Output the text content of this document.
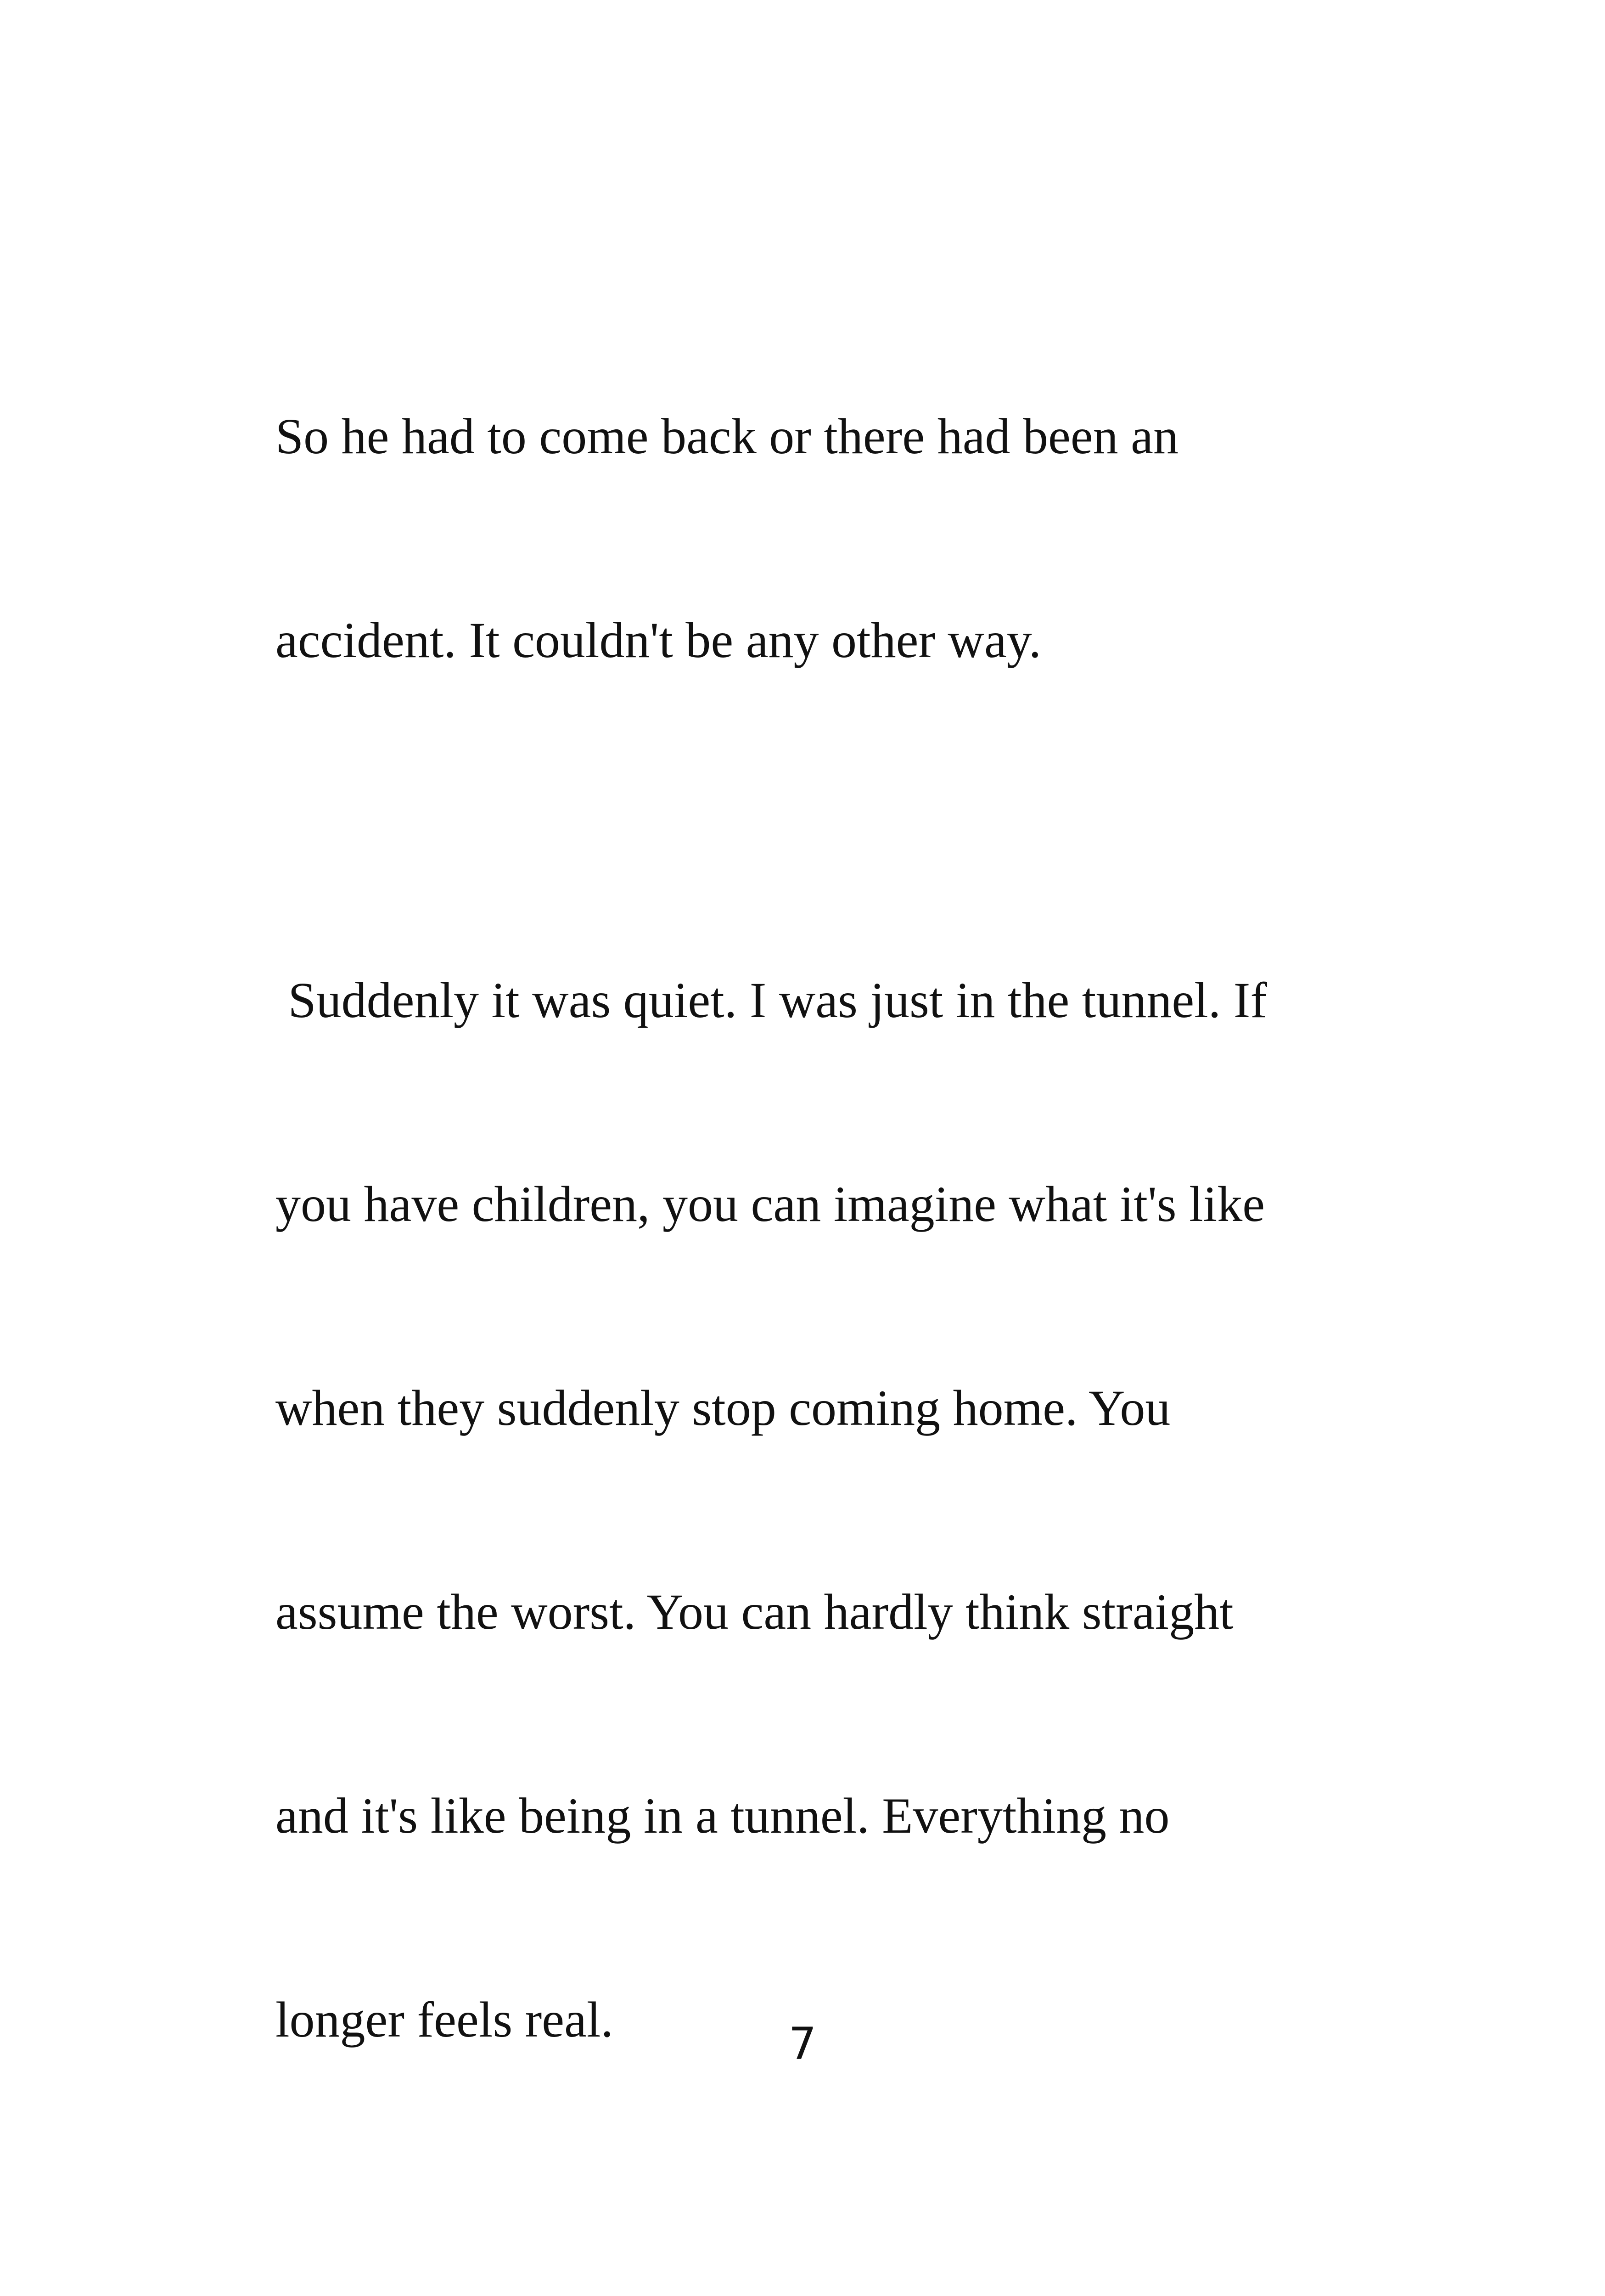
So he had to come back or there had been an

accident. It couldn't be any other way.

Suddenly it was quiet. I was just in the tunnel. If

you have children, you can imagine what it's like

when they suddenly stop coming home. You

assume the worst. You can hardly think straight

and it's like being in a tunnel. Everything no

longer feels real.

	7
